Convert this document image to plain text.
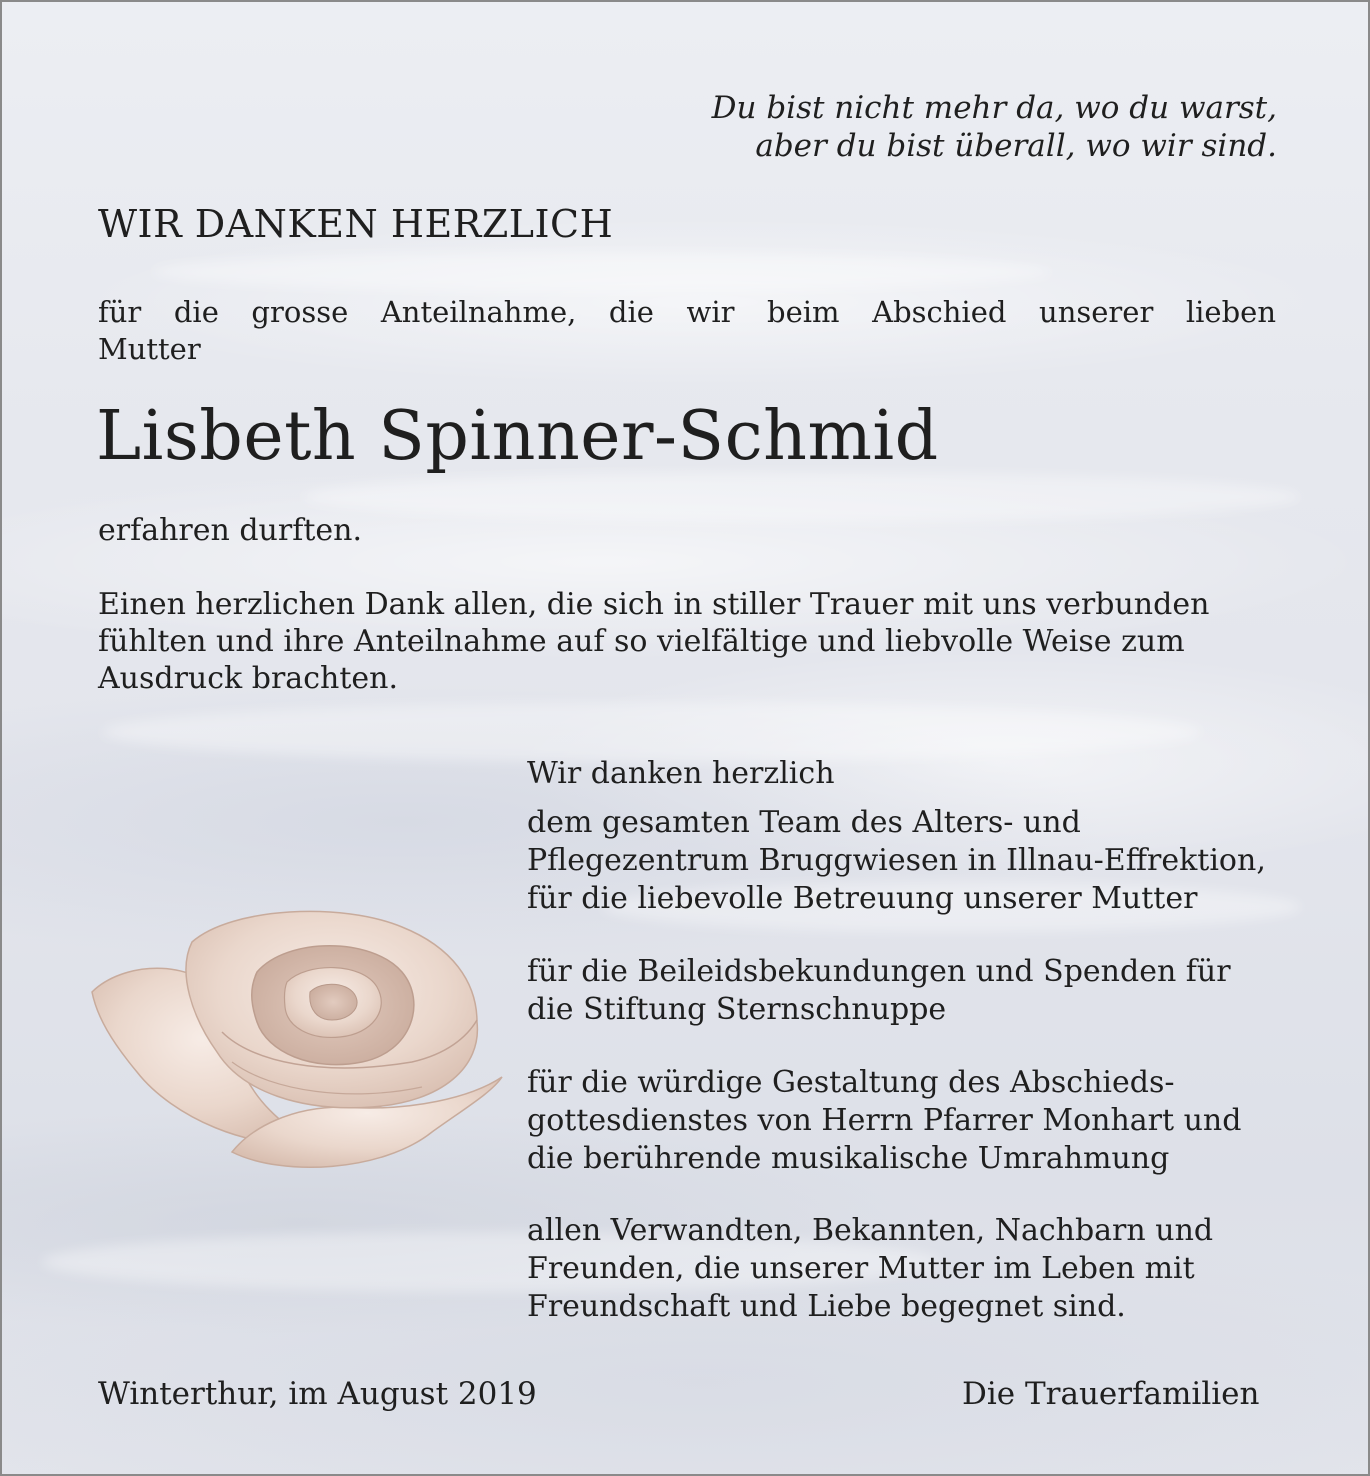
Du bist nicht mehr da, wo du warst,

aber du bist überall, wo wir sind.

WIR DANKEN HERZLICH

für die grosse Anteilnahme, die wir beim Abschied unserer lieben Mutter

Lisbeth Spinner-Schmid

erfahren durften.

Einen herzlichen Dank allen, die sich in stiller Trauer mit uns verbunden

fühlten und ihre Anteilnahme auf so vielfältige und liebvolle Weise zum

Ausdruck brachten.

Wir danken herzlich

dem gesamten Team des Alters- und

Pflegezentrum Bruggwiesen in Illnau-Effrektion,

für die liebevolle Betreuung unserer Mutter

für die Beileidsbekundungen und Spenden für

die Stiftung Sternschnuppe

für die würdige Gestaltung des Abschieds-

gottesdienstes von Herrn Pfarrer Monhart und

die berührende musikalische Umrahmung

allen Verwandten, Bekannten, Nachbarn und

Freunden, die unserer Mutter im Leben mit

Freundschaft und Liebe begegnet sind.

Winterthur, im August 2019	Die Trauerfamilien
